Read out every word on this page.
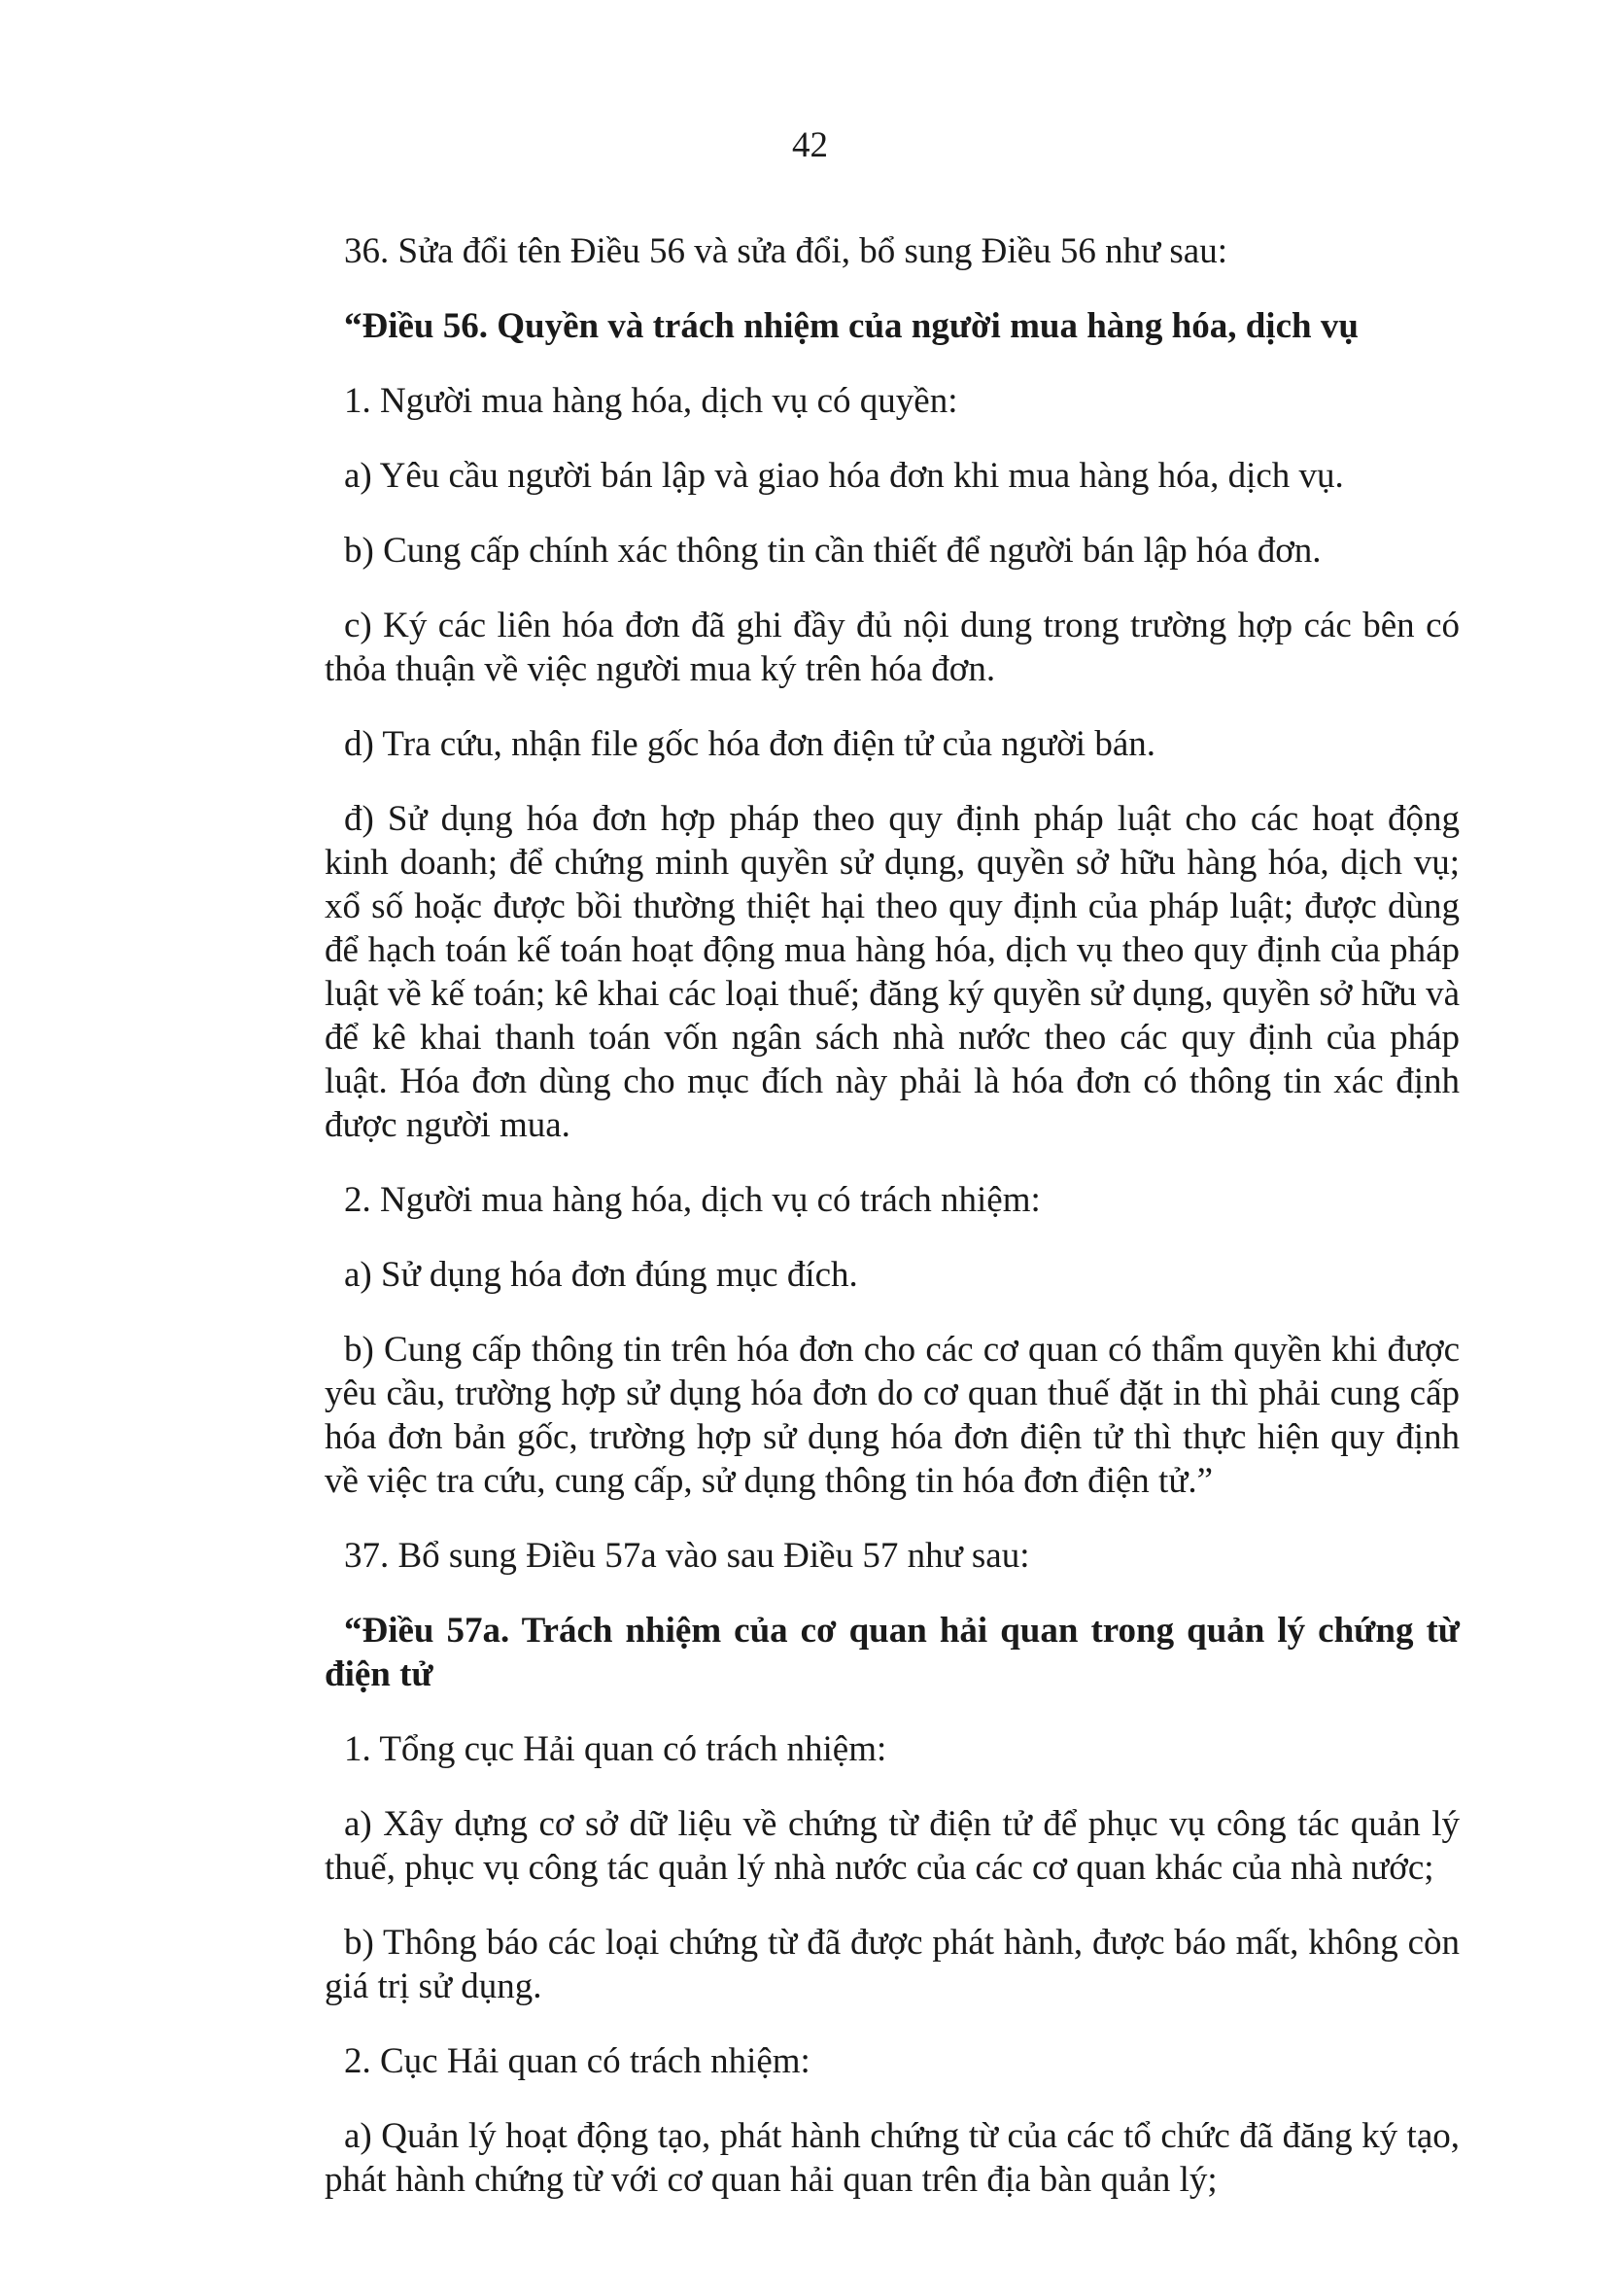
42

36. Sửa đổi tên Điều 56 và sửa đổi, bổ sung Điều 56 như sau:

“Điều 56. Quyền và trách nhiệm của người mua hàng hóa, dịch vụ

1. Người mua hàng hóa, dịch vụ có quyền:

a) Yêu cầu người bán lập và giao hóa đơn khi mua hàng hóa, dịch vụ.

b) Cung cấp chính xác thông tin cần thiết để người bán lập hóa đơn.

c) Ký các liên hóa đơn đã ghi đầy đủ nội dung trong trường hợp các bên có thỏa thuận về việc người mua ký trên hóa đơn.

d) Tra cứu, nhận file gốc hóa đơn điện tử của người bán.

đ) Sử dụng hóa đơn hợp pháp theo quy định pháp luật cho các hoạt động kinh doanh; để chứng minh quyền sử dụng, quyền sở hữu hàng hóa, dịch vụ; xổ số hoặc được bồi thường thiệt hại theo quy định của pháp luật; được dùng để hạch toán kế toán hoạt động mua hàng hóa, dịch vụ theo quy định của pháp luật về kế toán; kê khai các loại thuế; đăng ký quyền sử dụng, quyền sở hữu và để kê khai thanh toán vốn ngân sách nhà nước theo các quy định của pháp luật. Hóa đơn dùng cho mục đích này phải là hóa đơn có thông tin xác định được người mua.

2. Người mua hàng hóa, dịch vụ có trách nhiệm:

a) Sử dụng hóa đơn đúng mục đích.

b) Cung cấp thông tin trên hóa đơn cho các cơ quan có thẩm quyền khi được yêu cầu, trường hợp sử dụng hóa đơn do cơ quan thuế đặt in thì phải cung cấp hóa đơn bản gốc, trường hợp sử dụng hóa đơn điện tử thì thực hiện quy định về việc tra cứu, cung cấp, sử dụng thông tin hóa đơn điện tử.”

37. Bổ sung Điều 57a vào sau Điều 57 như sau:

“Điều 57a. Trách nhiệm của cơ quan hải quan trong quản lý chứng từ điện tử

1. Tổng cục Hải quan có trách nhiệm:

a) Xây dựng cơ sở dữ liệu về chứng từ điện tử để phục vụ công tác quản lý thuế, phục vụ công tác quản lý nhà nước của các cơ quan khác của nhà nước;

b) Thông báo các loại chứng từ đã được phát hành, được báo mất, không còn giá trị sử dụng.

2. Cục Hải quan có trách nhiệm:

a) Quản lý hoạt động tạo, phát hành chứng từ của các tổ chức đã đăng ký tạo, phát hành chứng từ với cơ quan hải quan trên địa bàn quản lý;
